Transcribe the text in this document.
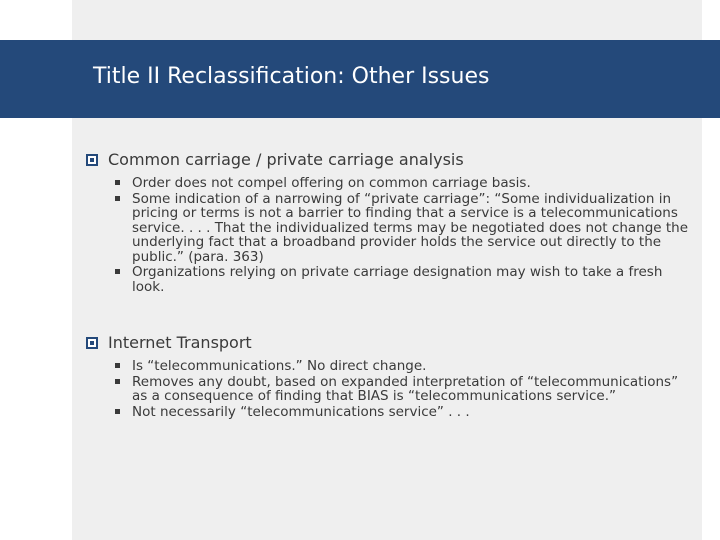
Title II Reclassification: Other Issues
Common carriage / private carriage analysis
Order does not compel offering on common carriage basis.
Some indication of a narrowing of “private carriage”: “Some individualization in pricing or terms is not a barrier to finding that a service is a telecommunications service. . . . That the individualized terms may be negotiated does not change the underlying fact that a broadband provider holds the service out directly to the public.” (para. 363)
Organizations relying on private carriage designation may wish to take a fresh look.
Internet Transport
Is “telecommunications.” No direct change.
Removes any doubt, based on expanded interpretation of “telecommunications” as a consequence of finding that BIAS is “telecommunications service.”
Not necessarily “telecommunications service” . . .
